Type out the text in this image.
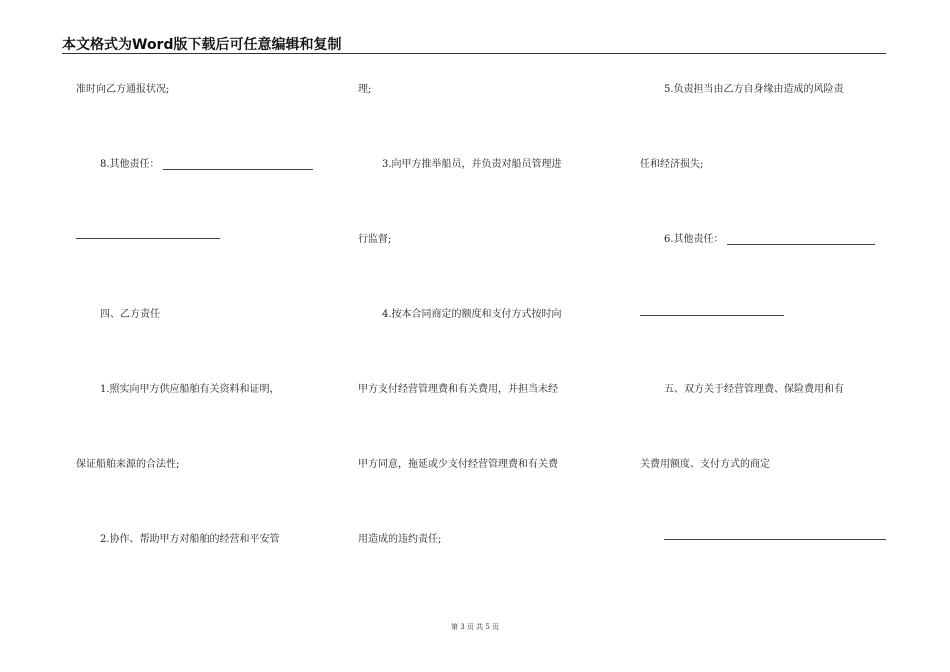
本文格式为Word版下载后可任意编辑和复制
准时向乙方通报状况;
8.其他责任：
四、乙方责任
1.照实向甲方供应船舶有关资料和证明，
保证船舶来源的合法性;
2.协作、帮助甲方对船舶的经营和平安管
理;
3.向甲方推举船员，并负责对船员管理进
行监督;
4.按本合同商定的额度和支付方式按时向
甲方支付经营管理费和有关费用，并担当未经
甲方同意，拖延或少支付经营管理费和有关费
用造成的违约责任;
5.负责担当由乙方自身缘由造成的风险责
任和经济损失;
6.其他责任：
五、双方关于经营管理费、保险费用和有
关费用额度、支付方式的商定
第 3 页 共 5 页
